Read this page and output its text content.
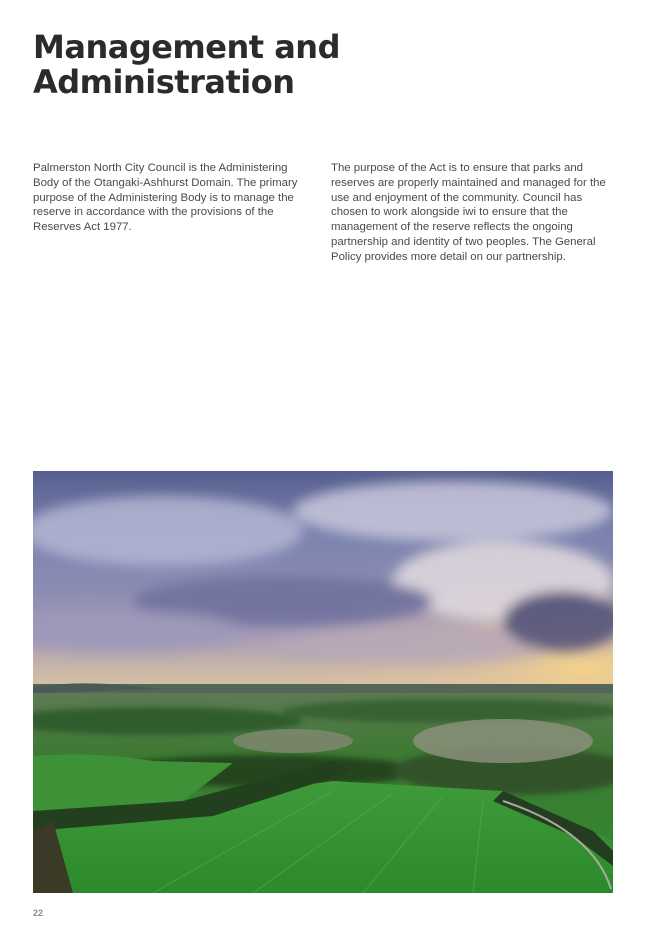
Management and
Administration

Palmerston North City Council is the Administering Body of the Otangaki-Ashhurst Domain. The primary purpose of the Administering Body is to manage the reserve in accordance with the provisions of the Reserves Act 1977.

The purpose of the Act is to ensure that parks and reserves are properly maintained and managed for the use and enjoyment of the community. Council has chosen to work alongside iwi to ensure that the management of the reserve reflects the ongoing partnership and identity of two peoples. The General Policy provides more detail on our partnership.

22
